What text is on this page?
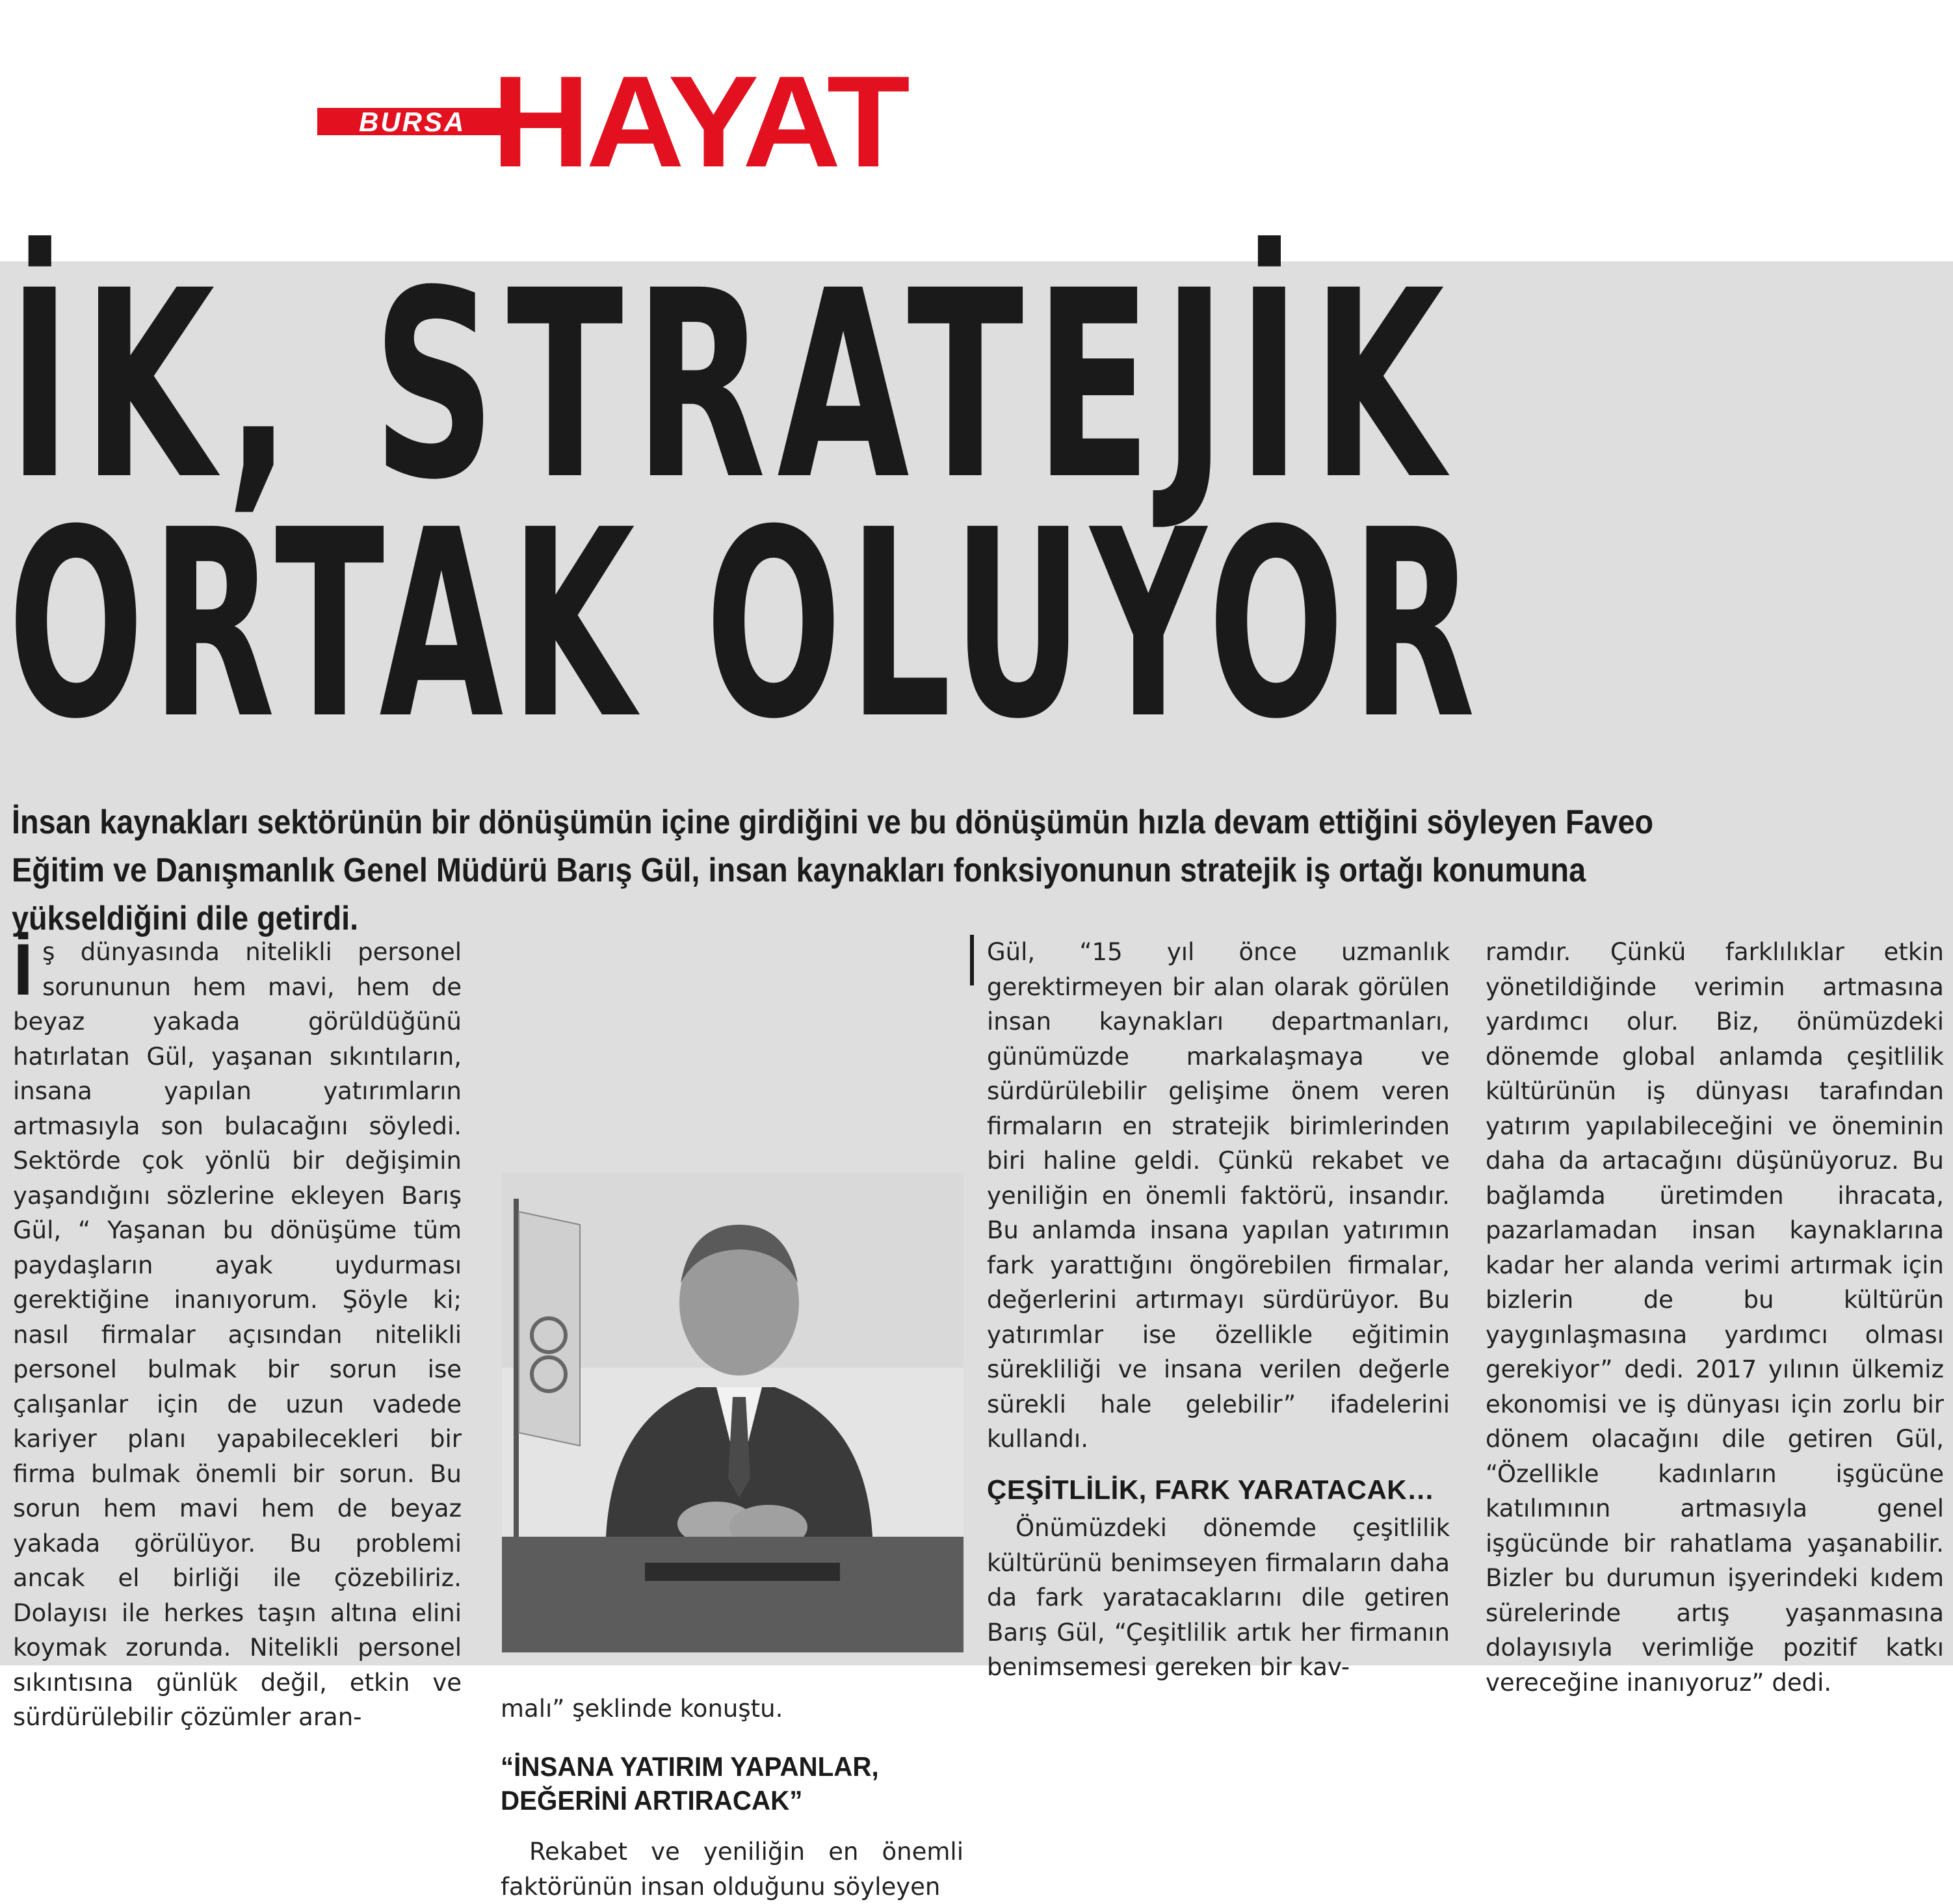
BURSA HAYAT
İK, STRATEJİK
ORTAK OLUYOR
İnsan kaynakları sektörünün bir dönüşümün içine girdiğini ve bu dönüşümün hızla devam ettiğini söyleyen Faveo Eğitim ve Danışmanlık Genel Müdürü Barış Gül, insan kaynakları fonksiyonunun stratejik iş ortağı konumuna yükseldiğini dile getirdi.
İ ş dünyasında nitelikli personel sorununun hem mavi, hem de beyaz yakada görüldüğünü hatırlatan Gül, yaşanan sıkıntıların, insana yapılan yatırımların artmasıyla son bulacağını söyledi. Sektörde çok yönlü bir değişimin yaşandığını sözlerine ekleyen Barış Gül, “ Yaşanan bu dönüşüme tüm paydaşların ayak uydurması gerektiğine inanıyorum. Şöyle ki; nasıl firmalar açısından nitelikli personel bulmak bir sorun ise çalışanlar için de uzun vadede kariyer planı yapabilecekleri bir firma bulmak önemli bir sorun. Bu sorun hem mavi hem de beyaz yakada görülüyor. Bu problemi ancak el birliği ile çözebiliriz. Dolayısı ile herkes taşın altına elini koymak zorunda. Nitelikli personel sıkıntısına günlük değil, etkin ve sürdürülebilir çözümler aran-	malı” şeklinde konuştu.
“İNSANA YATIRIM YAPANLAR, DEĞERİNİ ARTIRACAK”
Rekabet ve yeniliğin en önemli faktörünün insan olduğunu söyleyen

Gül, “15 yıl önce uzmanlık gerektirmeyen bir alan olarak görülen insan kaynakları departmanları, günümüzde markalaşmaya ve sürdürülebilir gelişime önem veren firmaların en stratejik birimlerinden biri haline geldi. Çünkü rekabet ve yeniliğin en önemli faktörü, insandır. Bu anlamda insana yapılan yatırımın fark yarattığını öngörebilen firmalar, değerlerini artırmayı sürdürüyor. Bu yatırımlar ise özellikle eğitimin sürekliliği ve insana verilen değerle sürekli hale gelebilir” ifadelerini kullandı.

ÇEŞİTLİLİK, FARK YARATACAK…

Önümüzdeki dönemde çeşitlilik kültürünü benimseyen firmaların daha da fark yaratacaklarını dile getiren Barış Gül, “Çeşitlilik artık her firmanın benimsemesi gereken bir kav-

ramdır. Çünkü farklılıklar etkin yönetildiğinde verimin artmasına yardımcı olur. Biz, önümüzdeki dönemde global anlamda çeşitlilik kültürünün iş dünyası tarafından yatırım yapılabileceğini ve öneminin daha da artacağını düşünüyoruz. Bu bağlamda üretimden ihracata, pazarlamadan insan kaynaklarına kadar her alanda verimi artırmak için bizlerin de bu kültürün yaygınlaşmasına yardımcı olması gerekiyor” dedi. 2017 yılının ülkemiz ekonomisi ve iş dünyası için zorlu bir dönem olacağını dile getiren Gül, “Özellikle kadınların işgücüne katılımının artmasıyla genel işgücünde bir rahatlama yaşanabilir. Bizler bu durumun işyerindeki kıdem sürelerinde artış yaşanmasına dolayısıyla verimliğe pozitif katkı vereceğine inanıyoruz” dedi.
